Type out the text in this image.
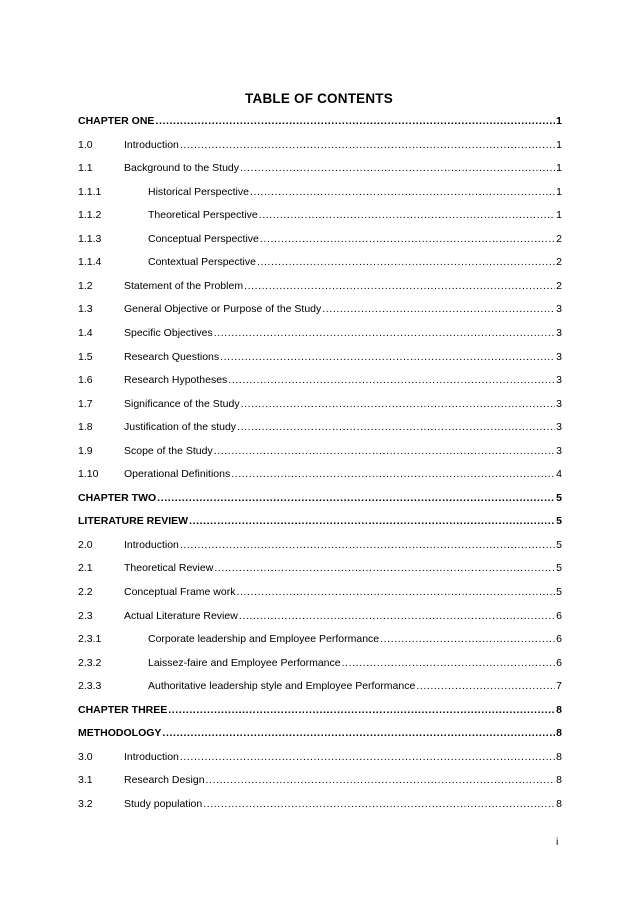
TABLE OF CONTENTS
CHAPTER ONE .....	1
1.0	Introduction .....	1
1.1	Background to the Study .....	1
1.1.1	Historical Perspective .....	1
1.1.2	Theoretical Perspective .....	1
1.1.3	Conceptual Perspective .....	2
1.1.4	Contextual Perspective .....	2
1.2	Statement of the Problem .....	2
1.3	General Objective or Purpose of the Study .....	3
1.4	Specific Objectives .....	3
1.5	Research Questions .....	3
1.6	Research Hypotheses .....	3
1.7	Significance of the Study .....	3
1.8	Justification of the study .....	3
1.9	Scope of the Study .....	3
1.10	Operational Definitions .....	4
CHAPTER TWO .....	5
LITERATURE REVIEW .....	5
2.0	Introduction .....	5
2.1	Theoretical Review .....	5
2.2	Conceptual Frame work .....	5
2.3	Actual Literature Review .....	6
2.3.1	Corporate leadership and Employee Performance .....	6
2.3.2	Laissez-faire and Employee Performance .....	6
2.3.3	Authoritative leadership style and Employee Performance .....	7
CHAPTER THREE .....	8
METHODOLOGY .....	8
3.0	Introduction .....	8
3.1	Research Design .....	8
3.2	Study population .....	8
i
